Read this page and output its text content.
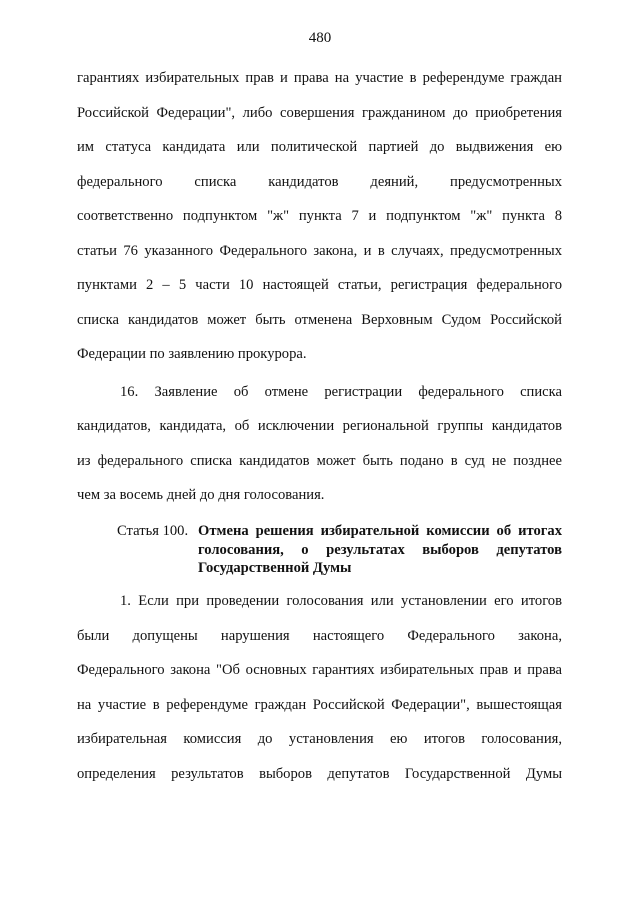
480
гарантиях избирательных прав и права на участие в референдуме граждан
Российской Федерации", либо совершения гражданином до приобретения
им статуса кандидата или политической партией до выдвижения ею
федерального списка кандидатов деяний, предусмотренных
соответственно подпунктом "ж" пункта 7 и подпунктом "ж" пункта 8
статьи 76 указанного Федерального закона, и в случаях, предусмотренных
пунктами 2 – 5 части 10 настоящей статьи, регистрация федерального
списка кандидатов может быть отменена Верховным Судом Российской
Федерации по заявлению прокурора.
16. Заявление об отмене регистрации федерального списка
кандидатов, кандидата, об исключении региональной группы кандидатов
из федерального списка кандидатов может быть подано в суд не позднее
чем за восемь дней до дня голосования.
Статья 100. Отмена решения избирательной комиссии об итогах
голосования, о результатах выборов депутатов
Государственной Думы
1. Если при проведении голосования или установлении его итогов
были допущены нарушения настоящего Федерального закона,
Федерального закона "Об основных гарантиях избирательных прав и права
на участие в референдуме граждан Российской Федерации", вышестоящая
избирательная комиссия до установления ею итогов голосования,
определения результатов выборов депутатов Государственной Думы
